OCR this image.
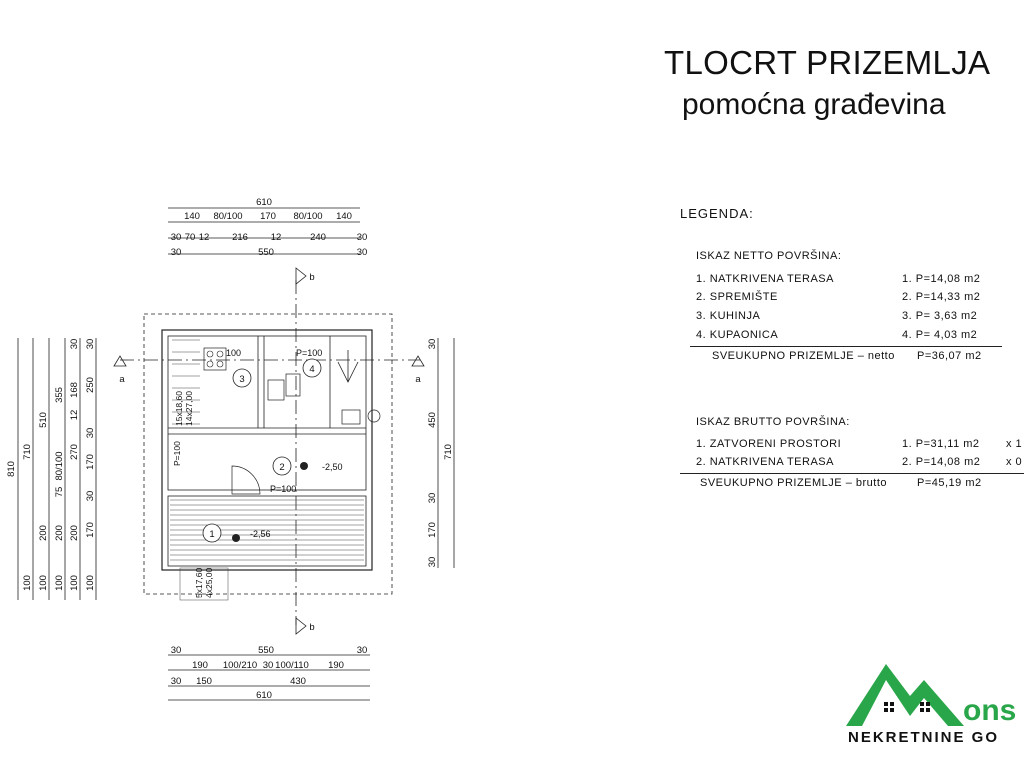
TLOCRT PRIZEMLJA
pomoćna građevina
LEGENDA:
ISKAZ NETTO POVRŠINA:
1. NATKRIVENA TERASA	1. P=14,08 m2
2. SPREMIŠTE	2. P=14,33 m2
3. KUHINJA	3. P= 3,63 m2
4. KUPAONICA	4. P= 4,03 m2
SVEUKUPNO PRIZEMLJE – netto P=36,07 m2
ISKAZ BRUTTO POVRŠINA:
1. ZATVORENI PROSTORI	1. P=31,11 m2 x 1
2. NATKRIVENA TERASA	2. P=14,08 m2 x 0
SVEUKUPNO PRIZEMLJE – brutto	P=45,19 m2
610
140 80/100 170 80/100 140
30 70 12 216 12	240	30
30	550	30
30	550	30
190 100/210 30 100/110 190
30 150	430
610
b
b
a	a
1
2
3
4
-2,50
-2,56
P=100
P=100
100
P=100
15x18,60 14x27,00
5x17,60 4x25,00
810
710
100
510
200
100
355
75
80/100
200
100
30
168
12
270
200
100
30
250
30
170
30
170
100
30
450
30
170
30
710
ons
NEKRETNINE GO
